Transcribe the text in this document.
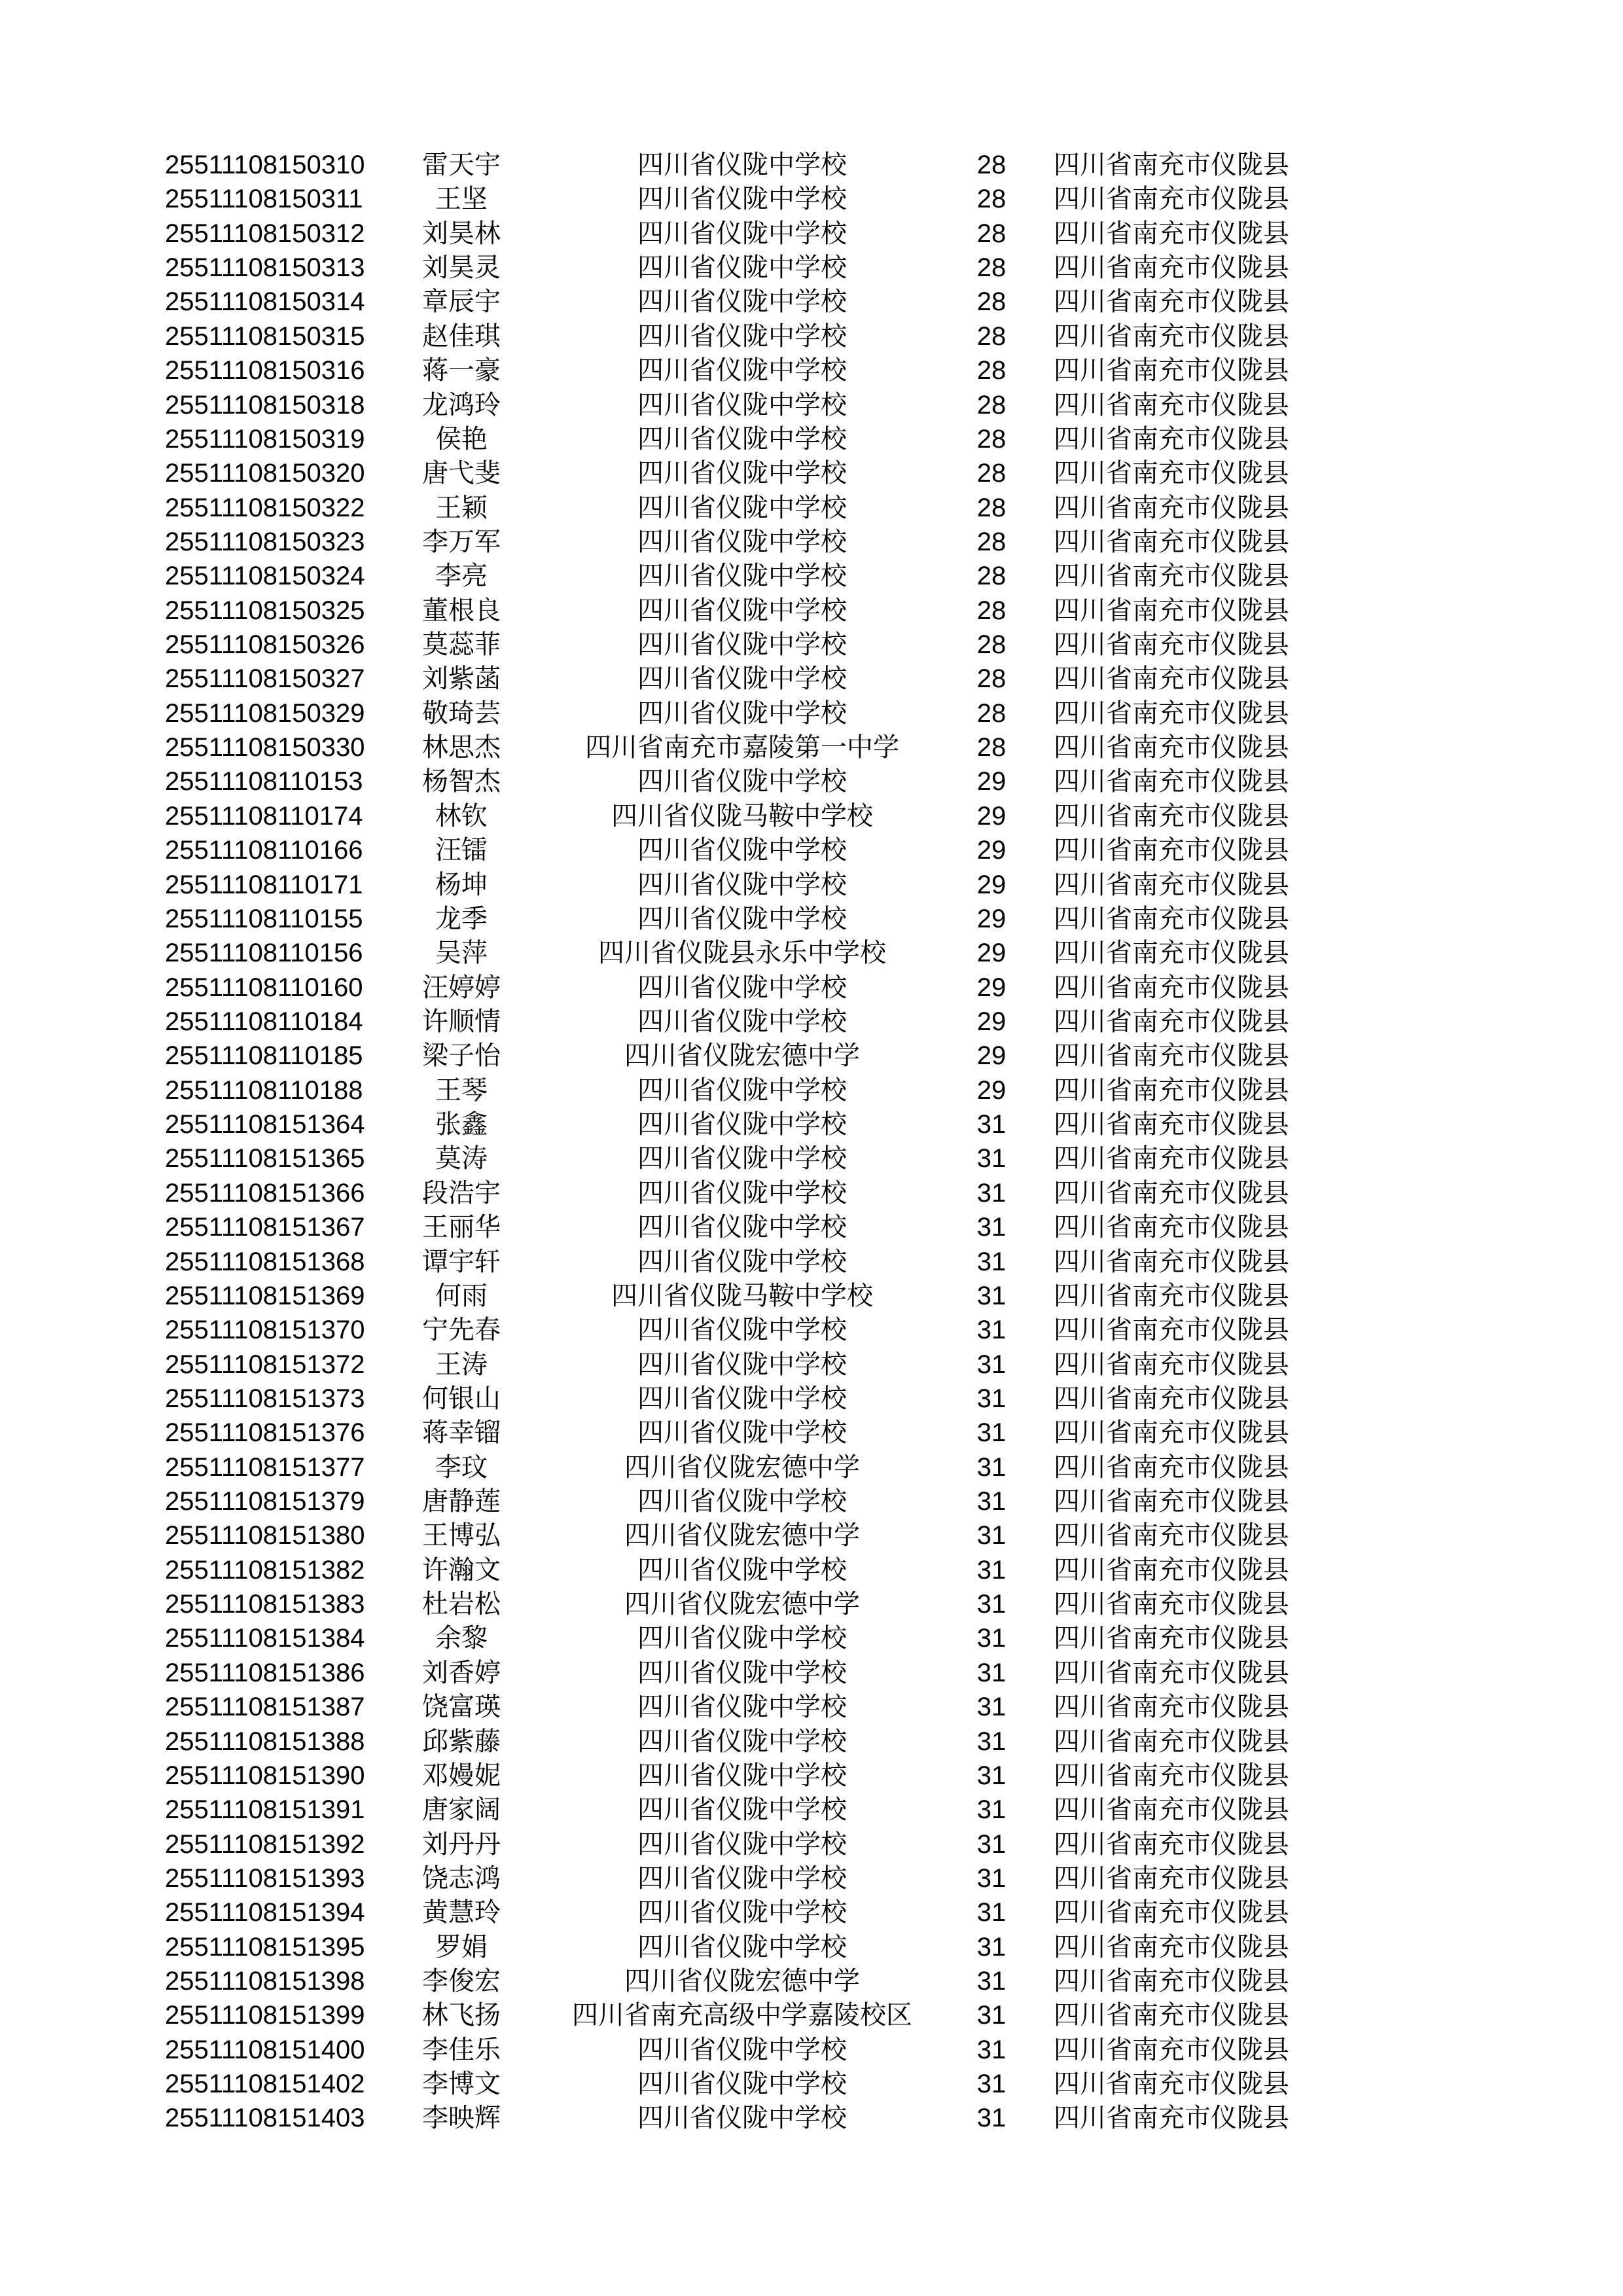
25511108150310	雷天宇	四川省仪陇中学校	28	四川省南充市仪陇县
25511108150311	王坚	四川省仪陇中学校	28	四川省南充市仪陇县
25511108150312	刘昊林	四川省仪陇中学校	28	四川省南充市仪陇县
25511108150313	刘昊灵	四川省仪陇中学校	28	四川省南充市仪陇县
25511108150314	章辰宇	四川省仪陇中学校	28	四川省南充市仪陇县
25511108150315	赵佳琪	四川省仪陇中学校	28	四川省南充市仪陇县
25511108150316	蒋一豪	四川省仪陇中学校	28	四川省南充市仪陇县
25511108150318	龙鸿玲	四川省仪陇中学校	28	四川省南充市仪陇县
25511108150319	侯艳	四川省仪陇中学校	28	四川省南充市仪陇县
25511108150320	唐弋斐	四川省仪陇中学校	28	四川省南充市仪陇县
25511108150322	王颖	四川省仪陇中学校	28	四川省南充市仪陇县
25511108150323	李万军	四川省仪陇中学校	28	四川省南充市仪陇县
25511108150324	李亮	四川省仪陇中学校	28	四川省南充市仪陇县
25511108150325	董根良	四川省仪陇中学校	28	四川省南充市仪陇县
25511108150326	莫蕊菲	四川省仪陇中学校	28	四川省南充市仪陇县
25511108150327	刘紫菡	四川省仪陇中学校	28	四川省南充市仪陇县
25511108150329	敬琦芸	四川省仪陇中学校	28	四川省南充市仪陇县
25511108150330	林思杰	四川省南充市嘉陵第一中学	28	四川省南充市仪陇县
25511108110153	杨智杰	四川省仪陇中学校	29	四川省南充市仪陇县
25511108110174	林钦	四川省仪陇马鞍中学校	29	四川省南充市仪陇县
25511108110166	汪镭	四川省仪陇中学校	29	四川省南充市仪陇县
25511108110171	杨坤	四川省仪陇中学校	29	四川省南充市仪陇县
25511108110155	龙季	四川省仪陇中学校	29	四川省南充市仪陇县
25511108110156	吴萍	四川省仪陇县永乐中学校	29	四川省南充市仪陇县
25511108110160	汪婷婷	四川省仪陇中学校	29	四川省南充市仪陇县
25511108110184	许顺情	四川省仪陇中学校	29	四川省南充市仪陇县
25511108110185	梁子怡	四川省仪陇宏德中学	29	四川省南充市仪陇县
25511108110188	王琴	四川省仪陇中学校	29	四川省南充市仪陇县
25511108151364	张鑫	四川省仪陇中学校	31	四川省南充市仪陇县
25511108151365	莫涛	四川省仪陇中学校	31	四川省南充市仪陇县
25511108151366	段浩宇	四川省仪陇中学校	31	四川省南充市仪陇县
25511108151367	王丽华	四川省仪陇中学校	31	四川省南充市仪陇县
25511108151368	谭宇轩	四川省仪陇中学校	31	四川省南充市仪陇县
25511108151369	何雨	四川省仪陇马鞍中学校	31	四川省南充市仪陇县
25511108151370	宁先春	四川省仪陇中学校	31	四川省南充市仪陇县
25511108151372	王涛	四川省仪陇中学校	31	四川省南充市仪陇县
25511108151373	何银山	四川省仪陇中学校	31	四川省南充市仪陇县
25511108151376	蒋幸镏	四川省仪陇中学校	31	四川省南充市仪陇县
25511108151377	李玟	四川省仪陇宏德中学	31	四川省南充市仪陇县
25511108151379	唐静莲	四川省仪陇中学校	31	四川省南充市仪陇县
25511108151380	王博弘	四川省仪陇宏德中学	31	四川省南充市仪陇县
25511108151382	许瀚文	四川省仪陇中学校	31	四川省南充市仪陇县
25511108151383	杜岩松	四川省仪陇宏德中学	31	四川省南充市仪陇县
25511108151384	余黎	四川省仪陇中学校	31	四川省南充市仪陇县
25511108151386	刘香婷	四川省仪陇中学校	31	四川省南充市仪陇县
25511108151387	饶富瑛	四川省仪陇中学校	31	四川省南充市仪陇县
25511108151388	邱紫藤	四川省仪陇中学校	31	四川省南充市仪陇县
25511108151390	邓嫚妮	四川省仪陇中学校	31	四川省南充市仪陇县
25511108151391	唐家阔	四川省仪陇中学校	31	四川省南充市仪陇县
25511108151392	刘丹丹	四川省仪陇中学校	31	四川省南充市仪陇县
25511108151393	饶志鸿	四川省仪陇中学校	31	四川省南充市仪陇县
25511108151394	黄慧玲	四川省仪陇中学校	31	四川省南充市仪陇县
25511108151395	罗娟	四川省仪陇中学校	31	四川省南充市仪陇县
25511108151398	李俊宏	四川省仪陇宏德中学	31	四川省南充市仪陇县
25511108151399	林飞扬	四川省南充高级中学嘉陵校区	31	四川省南充市仪陇县
25511108151400	李佳乐	四川省仪陇中学校	31	四川省南充市仪陇县
25511108151402	李博文	四川省仪陇中学校	31	四川省南充市仪陇县
25511108151403	李映辉	四川省仪陇中学校	31	四川省南充市仪陇县
